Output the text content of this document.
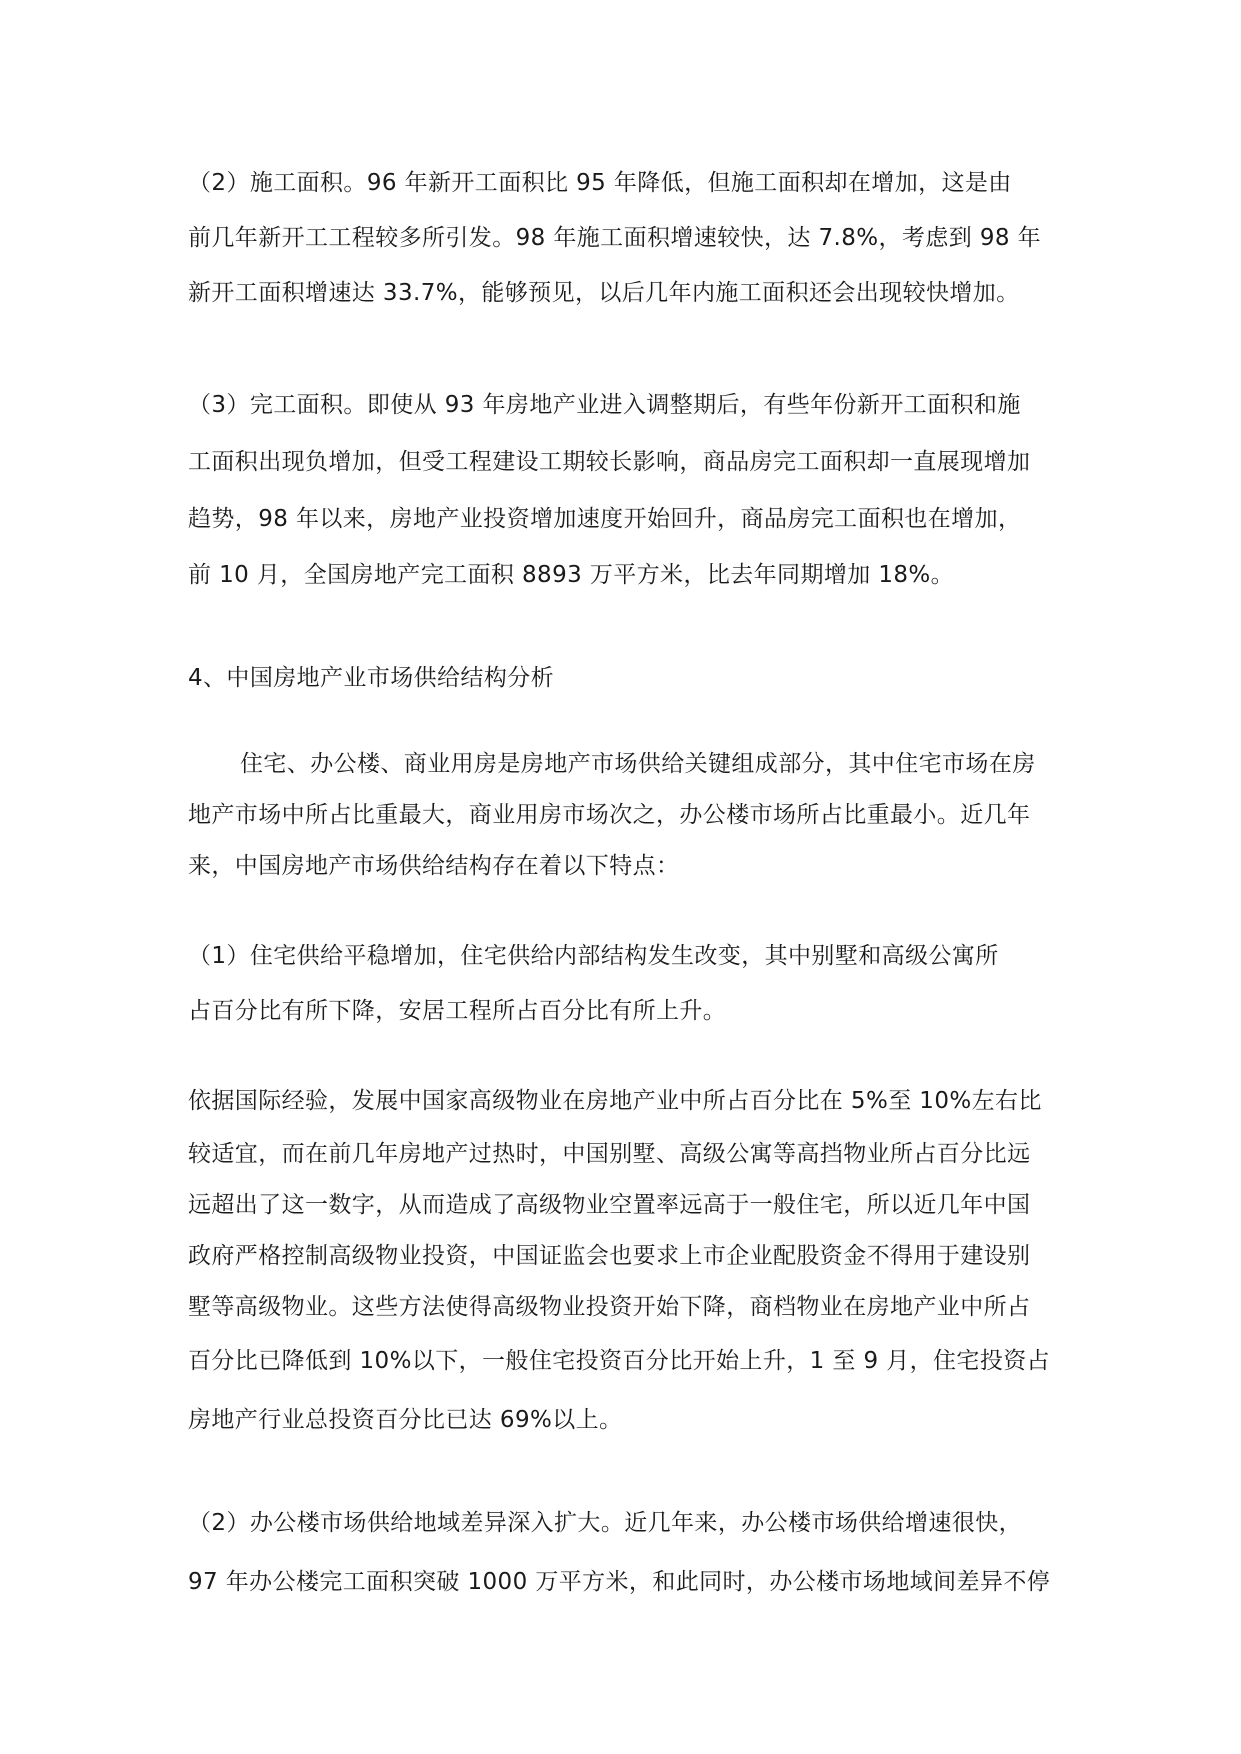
（2）施工面积。96 年新开工面积比 95 年降低，但施工面积却在增加，这是由
前几年新开工工程较多所引发。98 年施工面积增速较快，达 7.8%，考虑到 98 年
新开工面积增速达 33.7%，能够预见，以后几年内施工面积还会出现较快增加。
（3）完工面积。即使从 93 年房地产业进入调整期后，有些年份新开工面积和施
工面积出现负增加，但受工程建设工期较长影响，商品房完工面积却一直展现增加
趋势，98 年以来，房地产业投资增加速度开始回升，商品房完工面积也在增加，
前 10 月，全国房地产完工面积 8893 万平方米，比去年同期增加 18%。
4、中国房地产业市场供给结构分析
住宅、办公楼、商业用房是房地产市场供给关键组成部分，其中住宅市场在房
地产市场中所占比重最大，商业用房市场次之，办公楼市场所占比重最小。近几年
来，中国房地产市场供给结构存在着以下特点：
（1）住宅供给平稳增加，住宅供给内部结构发生改变，其中别墅和高级公寓所
占百分比有所下降，安居工程所占百分比有所上升。
依据国际经验，发展中国家高级物业在房地产业中所占百分比在 5%至 10%左右比
较适宜，而在前几年房地产过热时，中国别墅、高级公寓等高挡物业所占百分比远
远超出了这一数字，从而造成了高级物业空置率远高于一般住宅，所以近几年中国
政府严格控制高级物业投资，中国证监会也要求上市企业配股资金不得用于建设别
墅等高级物业。这些方法使得高级物业投资开始下降，商档物业在房地产业中所占
百分比已降低到 10%以下，一般住宅投资百分比开始上升，1 至 9 月，住宅投资占
房地产行业总投资百分比已达 69%以上。
（2）办公楼市场供给地域差异深入扩大。近几年来，办公楼市场供给增速很快，
97 年办公楼完工面积突破 1000 万平方米，和此同时，办公楼市场地域间差异不停
